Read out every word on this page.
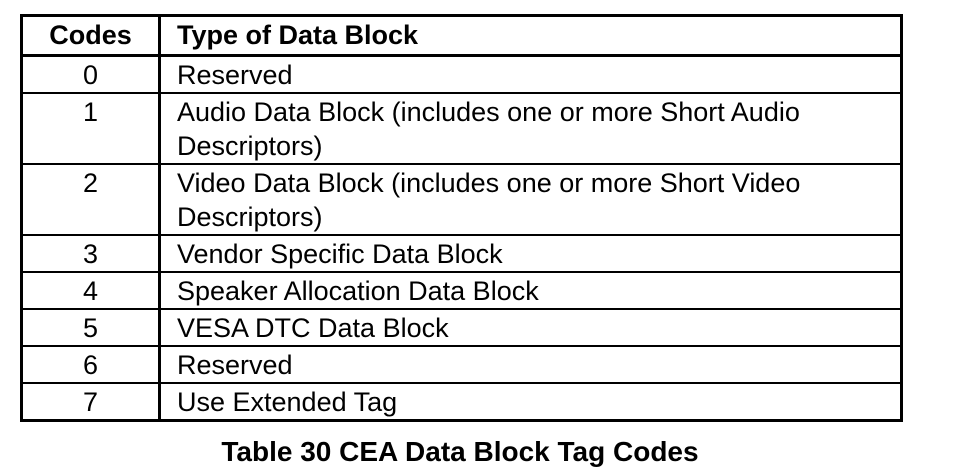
Codes	Type of Data Block
0	Reserved
1	Audio Data Block (includes one or more Short Audio Descriptors)
2	Video Data Block (includes one or more Short Video Descriptors)
3	Vendor Specific Data Block
4	Speaker Allocation Data Block
5	VESA DTC Data Block
6	Reserved
7	Use Extended Tag
Table 30 CEA Data Block Tag Codes
